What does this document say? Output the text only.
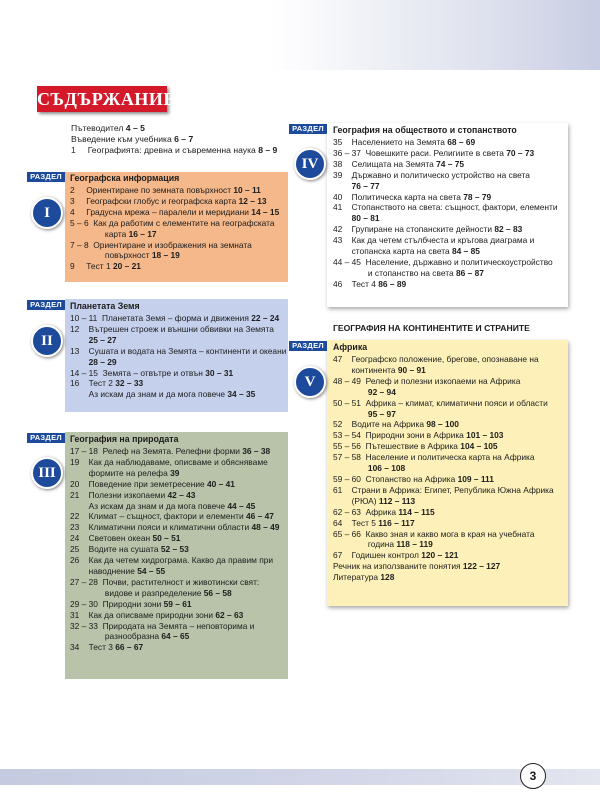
СЪДЪРЖАНИЕ
Пътеводител 4 – 5
Въведение към учебника 6 – 7
1     Географията: древна и съвременна наука 8 – 9
РАЗДЕЛ
I
Географска информация
2     Ориентиране по земната повърхност 10 – 11
3     Географски глобус и географска карта 12 – 13
4     Градусна мрежа – паралели и меридиани 14 – 15
5 – 6  Как да работим с елементите на географската
карта 16 – 17
7 – 8  Ориентиране и изображения на земната
повърхност 18 – 19
9     Тест 1 20 – 21
РАЗДЕЛ
II
Планетата Земя
10 – 11  Планетата Земя – форма и движения 22 – 24
12    Вътрешен строеж и външни обвивки на Земята
25 – 27
13    Сушата и водата на Земята – континенти и океани
28 – 29
14 – 15  Земята – отвътре и отвън 30 – 31
16    Тест 2 32 – 33
Аз искам да знам и да мога повече 34 – 35
РАЗДЕЛ
III
География на природата
17 – 18  Релеф на Земята. Релефни форми 36 – 38
19    Как да наблюдаваме, описваме и обясняваме
формите на релефа 39
20    Поведение при земетресение 40 – 41
21    Полезни изкопаеми 42 – 43
Аз искам да знам и да мога повече 44 – 45
22    Климат – същност, фактори и елементи 46 – 47
23    Климатични пояси и климатични области 48 – 49
24    Световен океан 50 – 51
25    Водите на сушата 52 – 53
26    Как да четем хидрограма. Какво да правим при
наводнение 54 – 55
27 – 28  Почви, растителност и животински свят:
видове и разпределение 56 – 58
29 – 30  Природни зони 59 – 61
31    Как да описваме природни зони 62 – 63
32 – 33  Природата на Земята – неповторима и
разнообразна 64 – 65
34    Тест 3 66 – 67
РАЗДЕЛ
IV
География на обществото и стопанството
35    Населението на Земята 68 – 69
36 – 37  Човешките раси. Религиите в света 70 – 73
38    Селищата на Земята 74 – 75
39    Държавно и политическо устройство на света
76 – 77
40    Политическа карта на света 78 – 79
41    Стопанството на света: същност, фактори, елементи
80 – 81
42    Групиране на стопанските дейности 82 – 83
43    Как да четем стълбчеста и кръгова диаграма и
стопанска карта на света 84 – 85
44 – 45  Население, държавно и политическоустройство
и стопанство на света 86 – 87
46    Тест 4 86 – 89
ГЕОГРАФИЯ НА КОНТИНЕНТИТЕ И СТРАНИТЕ
РАЗДЕЛ
V
Африка
47    Географско положение, брегове, опознаване на
континента 90 – 91
48 – 49  Релеф и полезни изкопаеми на Африка
92 – 94
50 – 51  Африка – климат, климатични пояси и области
95 – 97
52    Водите на Африка 98 – 100
53 – 54  Природни зони в Африка 101 – 103
55 – 56  Пътешествие в Африка 104 – 105
57 – 58  Население и политическа карта на Африка
106 – 108
59 – 60  Стопанство на Африка 109 – 111
61    Страни в Африка: Египет, Република Южна Африка
(РЮА) 112 – 113
62 – 63  Африка 114 – 115
64    Тест 5 116 – 117
65 – 66  Какво зная и какво мога в края на учебната
година 118 – 119
67    Годишен контрол 120 – 121
Речник на използваните понятия 122 – 127
Литература 128
3
